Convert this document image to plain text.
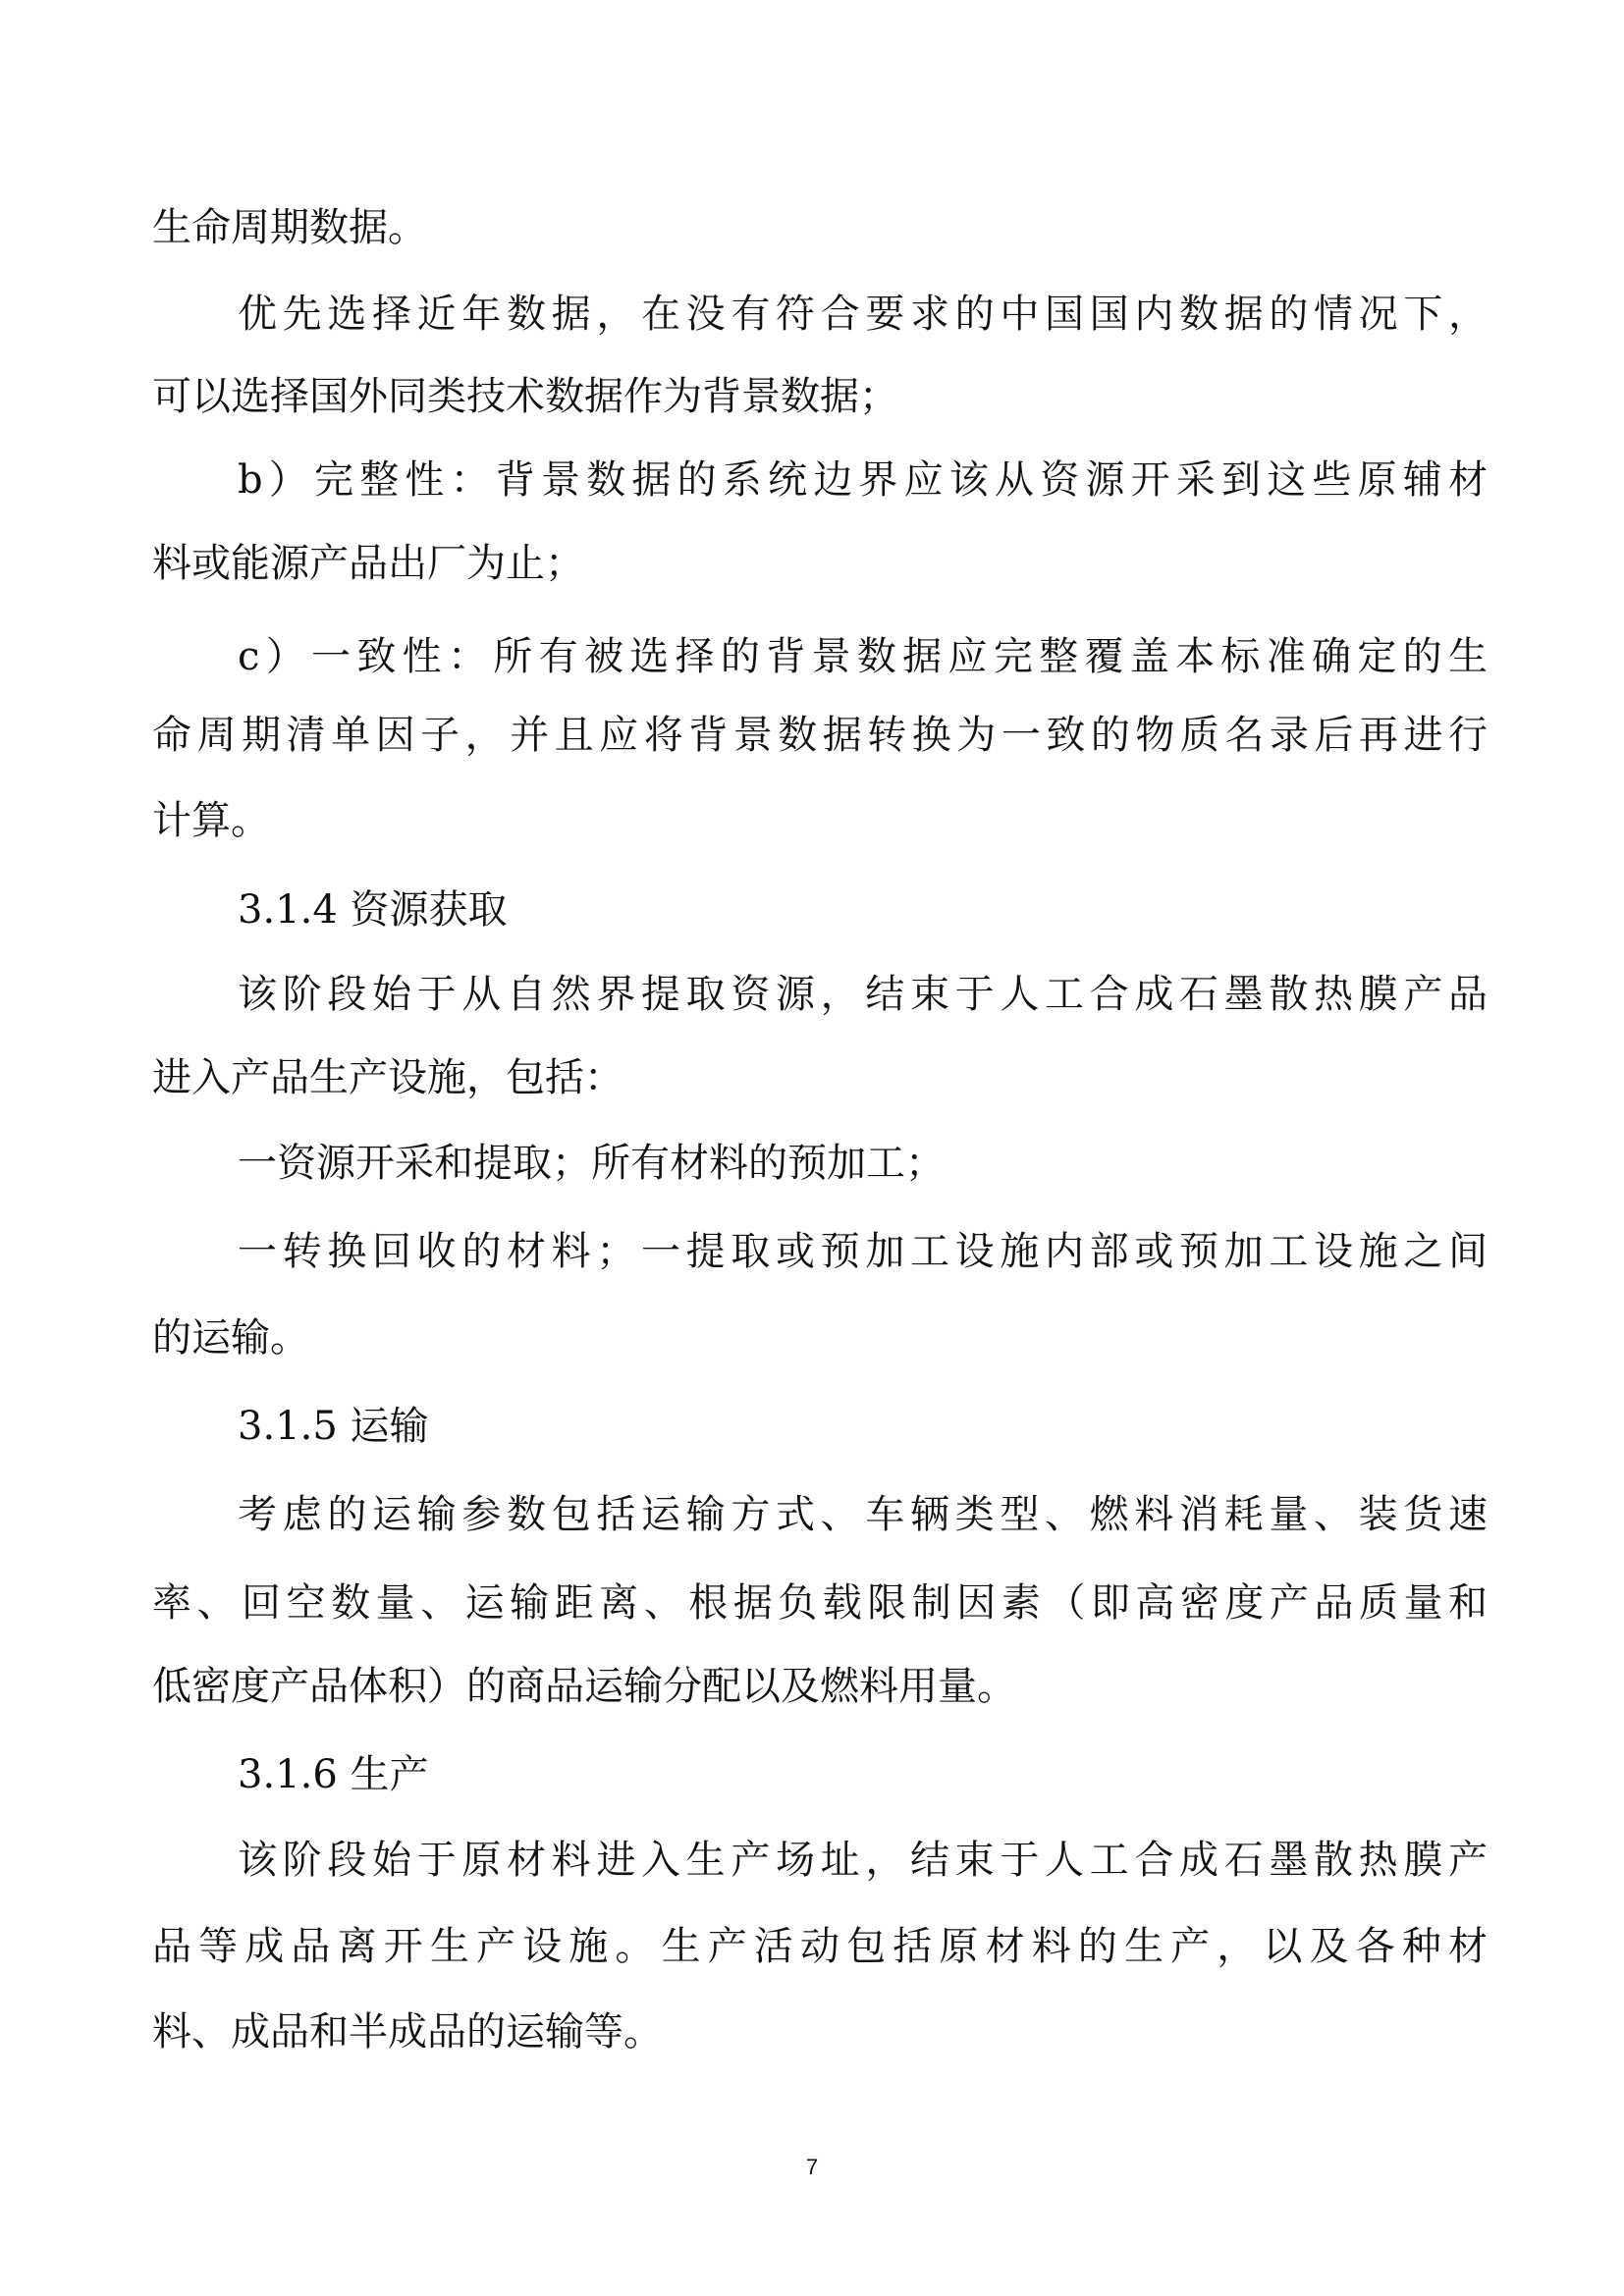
生命周期数据。
优先选择近年数据，在没有符合要求的中国国内数据的情况下，
可以选择国外同类技术数据作为背景数据；
b）完整性：背景数据的系统边界应该从资源开采到这些原辅材
料或能源产品出厂为止；
c）一致性：所有被选择的背景数据应完整覆盖本标准确定的生
命周期清单因子，并且应将背景数据转换为一致的物质名录后再进行
计算。
3.1.4 资源获取
该阶段始于从自然界提取资源，结束于人工合成石墨散热膜产品
进入产品生产设施，包括：
一资源开采和提取；所有材料的预加工；
一转换回收的材料；一提取或预加工设施内部或预加工设施之间
的运输。
3.1.5 运输
考虑的运输参数包括运输方式、车辆类型、燃料消耗量、装货速
率、回空数量、运输距离、根据负载限制因素（即高密度产品质量和
低密度产品体积）的商品运输分配以及燃料用量。
3.1.6 生产
该阶段始于原材料进入生产场址，结束于人工合成石墨散热膜产
品等成品离开生产设施。生产活动包括原材料的生产，以及各种材
料、成品和半成品的运输等。
7
